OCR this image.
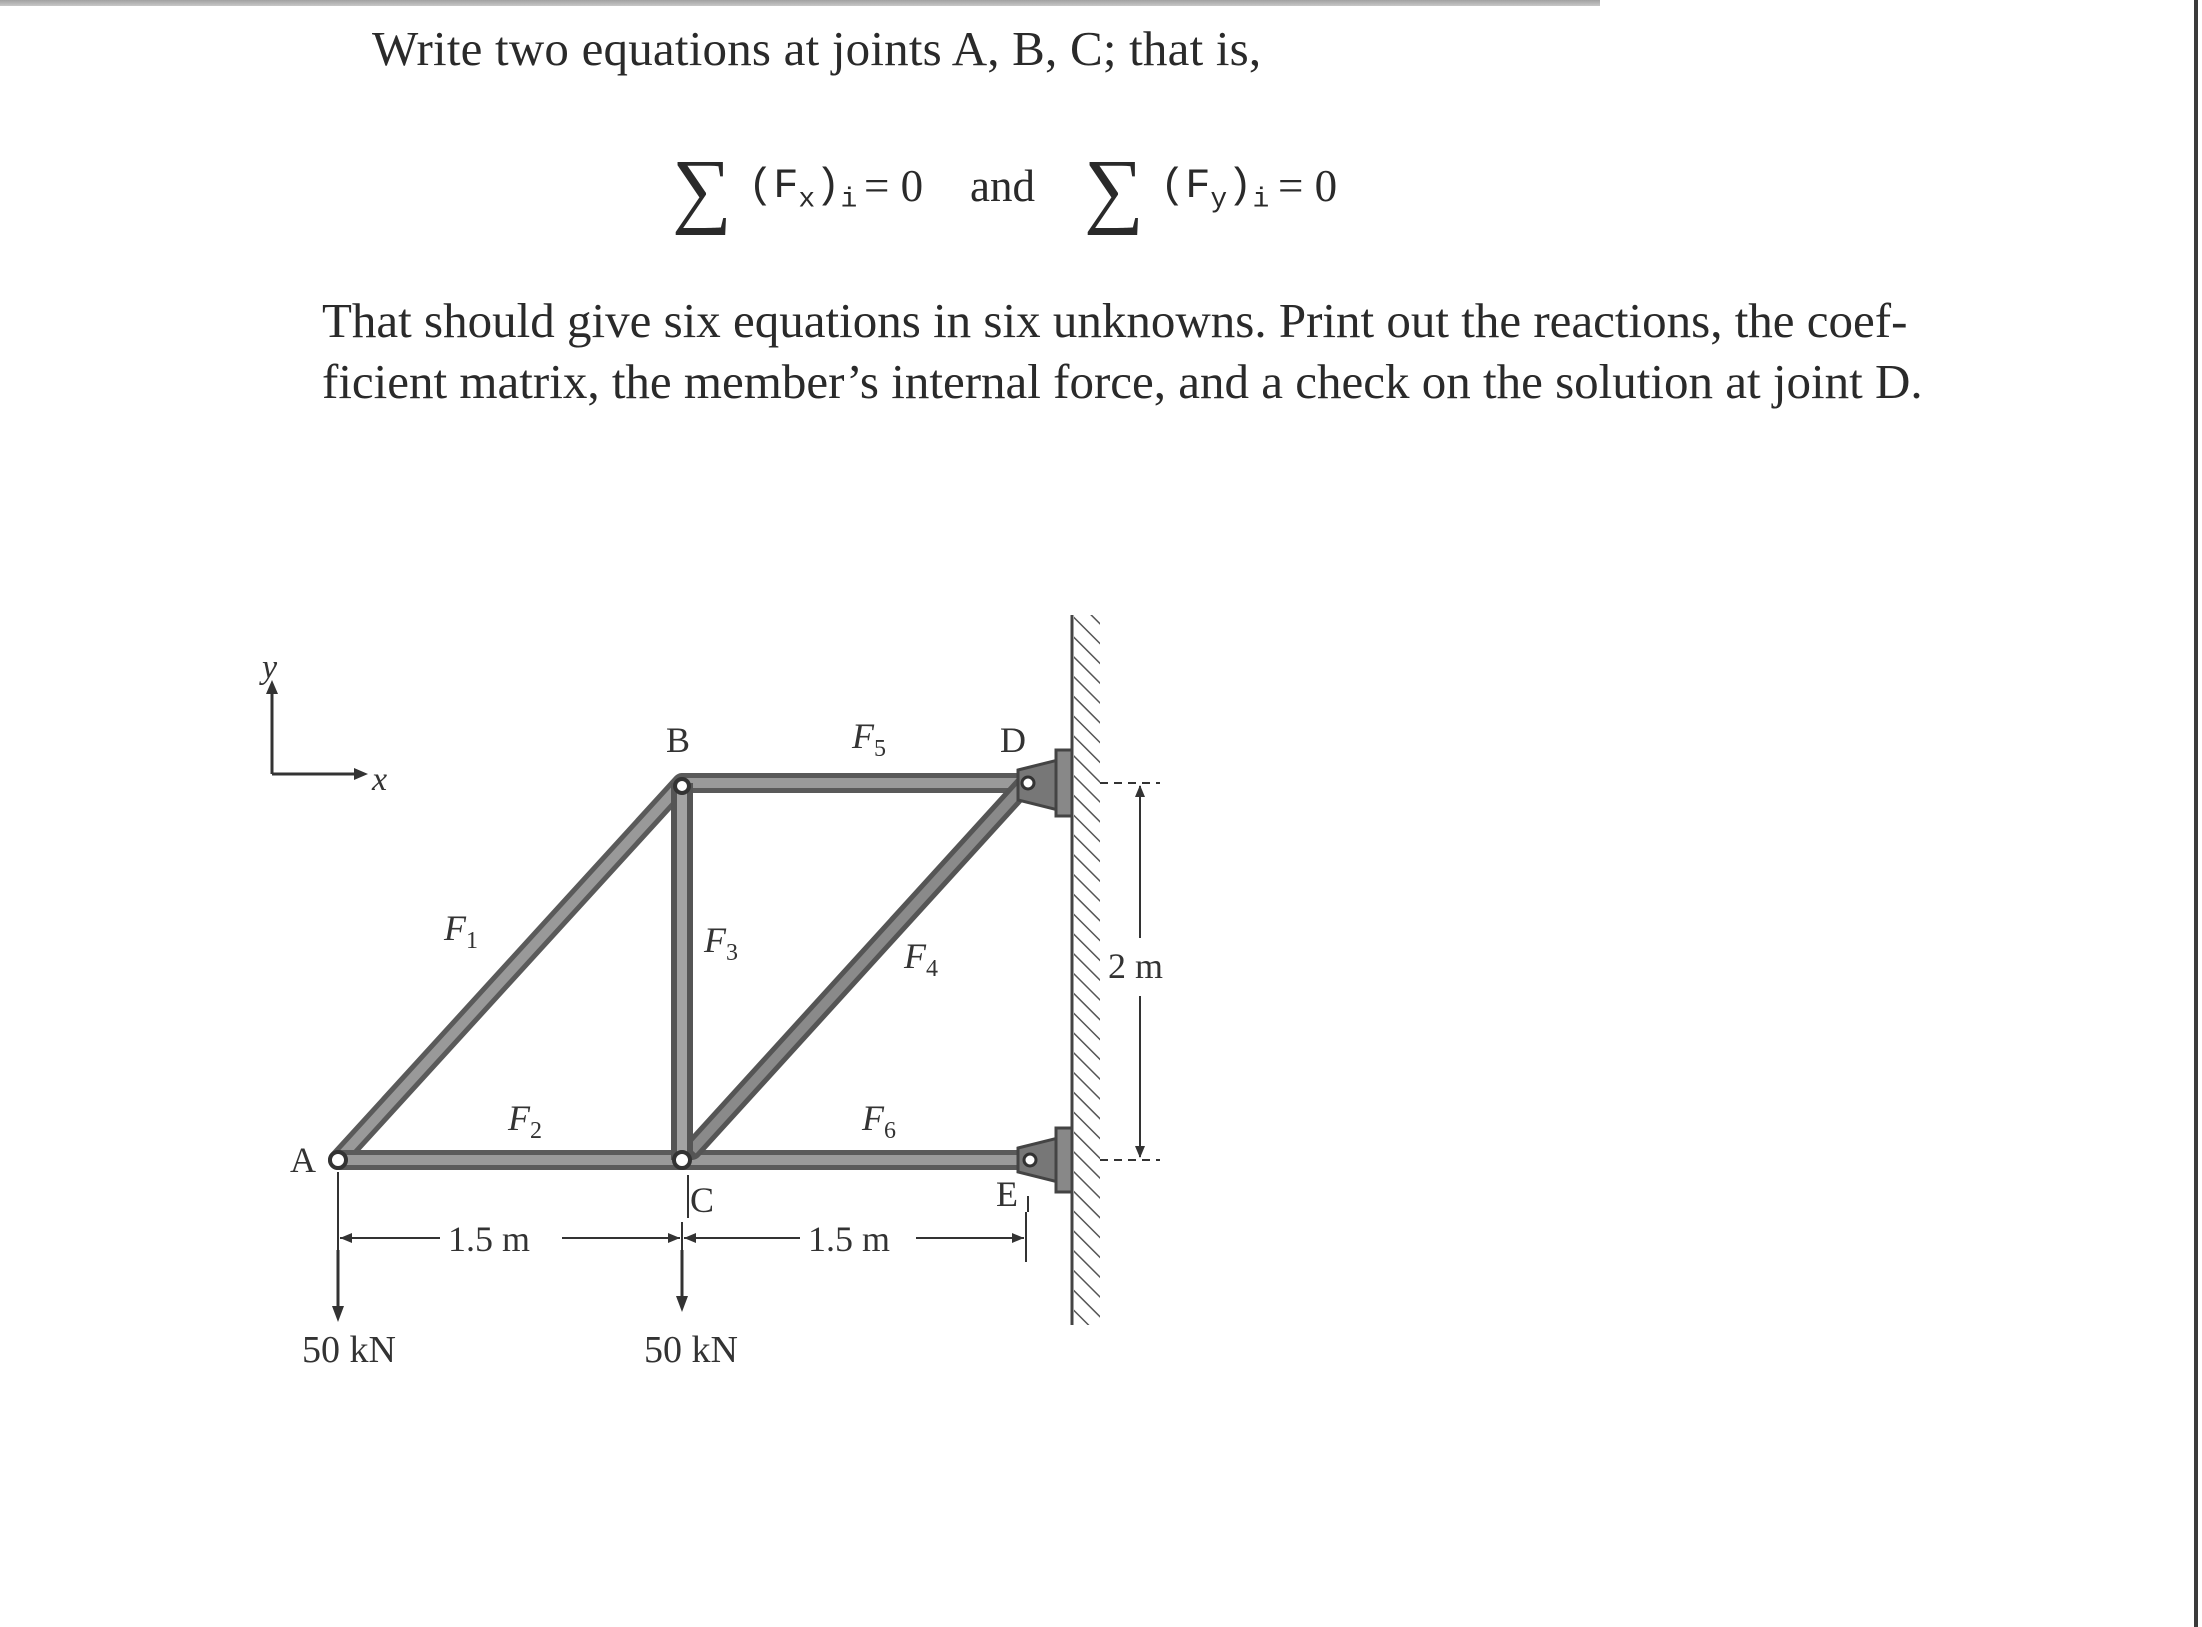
Write two equations at joints A, B, C; that is,
∑ $(F_x)_i = 0$ and ∑ $(F_y)_i = 0$
That should give six equations in six unknowns. Print out the reactions, the coef-
ficient matrix, the member’s internal force, and a check on the solution at joint D.
y
x
A
B	D
C	E
$F_1$
$F_2$
$F_3$	$F_4$
$F_5$
$F_6$
1.5 m	1.5 m
2 m
50 kN	50 kN
